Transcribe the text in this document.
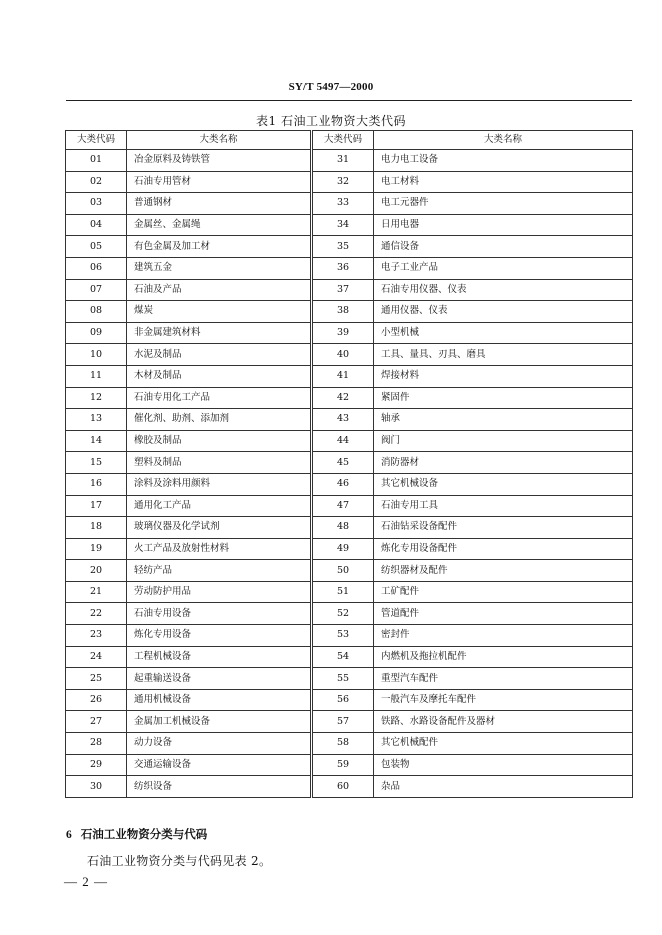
SY/T 5497—2000
表1 石油工业物资大类代码
大类代码	大类名称	大类代码	大类名称
01	冶金原料及铸铁管	31	电力电工设备
02	石油专用管材	32	电工材料
03	普通钢材	33	电工元器件
04	金属丝、金属绳	34	日用电器
05	有色金属及加工材	35	通信设备
06	建筑五金	36	电子工业产品
07	石油及产品	37	石油专用仪器、仪表
08	煤炭	38	通用仪器、仪表
09	非金属建筑材料	39	小型机械
10	水泥及制品	40	工具、量具、刃具、磨具
11	木材及制品	41	焊接材料
12	石油专用化工产品	42	紧固件
13	催化剂、助剂、添加剂	43	轴承
14	橡胶及制品	44	阀门
15	塑料及制品	45	消防器材
16	涂料及涂料用颜料	46	其它机械设备
17	通用化工产品	47	石油专用工具
18	玻璃仪器及化学试剂	48	石油钻采设备配件
19	火工产品及放射性材料	49	炼化专用设备配件
20	轻纺产品	50	纺织器材及配件
21	劳动防护用品	51	工矿配件
22	石油专用设备	52	管道配件
23	炼化专用设备	53	密封件
24	工程机械设备	54	内燃机及拖拉机配件
25	起重输送设备	55	重型汽车配件
26	通用机械设备	56	一般汽车及摩托车配件
27	金属加工机械设备	57	铁路、水路设备配件及器材
28	动力设备	58	其它机械配件
29	交通运输设备	59	包装物
30	纺织设备	60	杂品
6 石油工业物资分类与代码
石油工业物资分类与代码见表 2。
— 2 —
